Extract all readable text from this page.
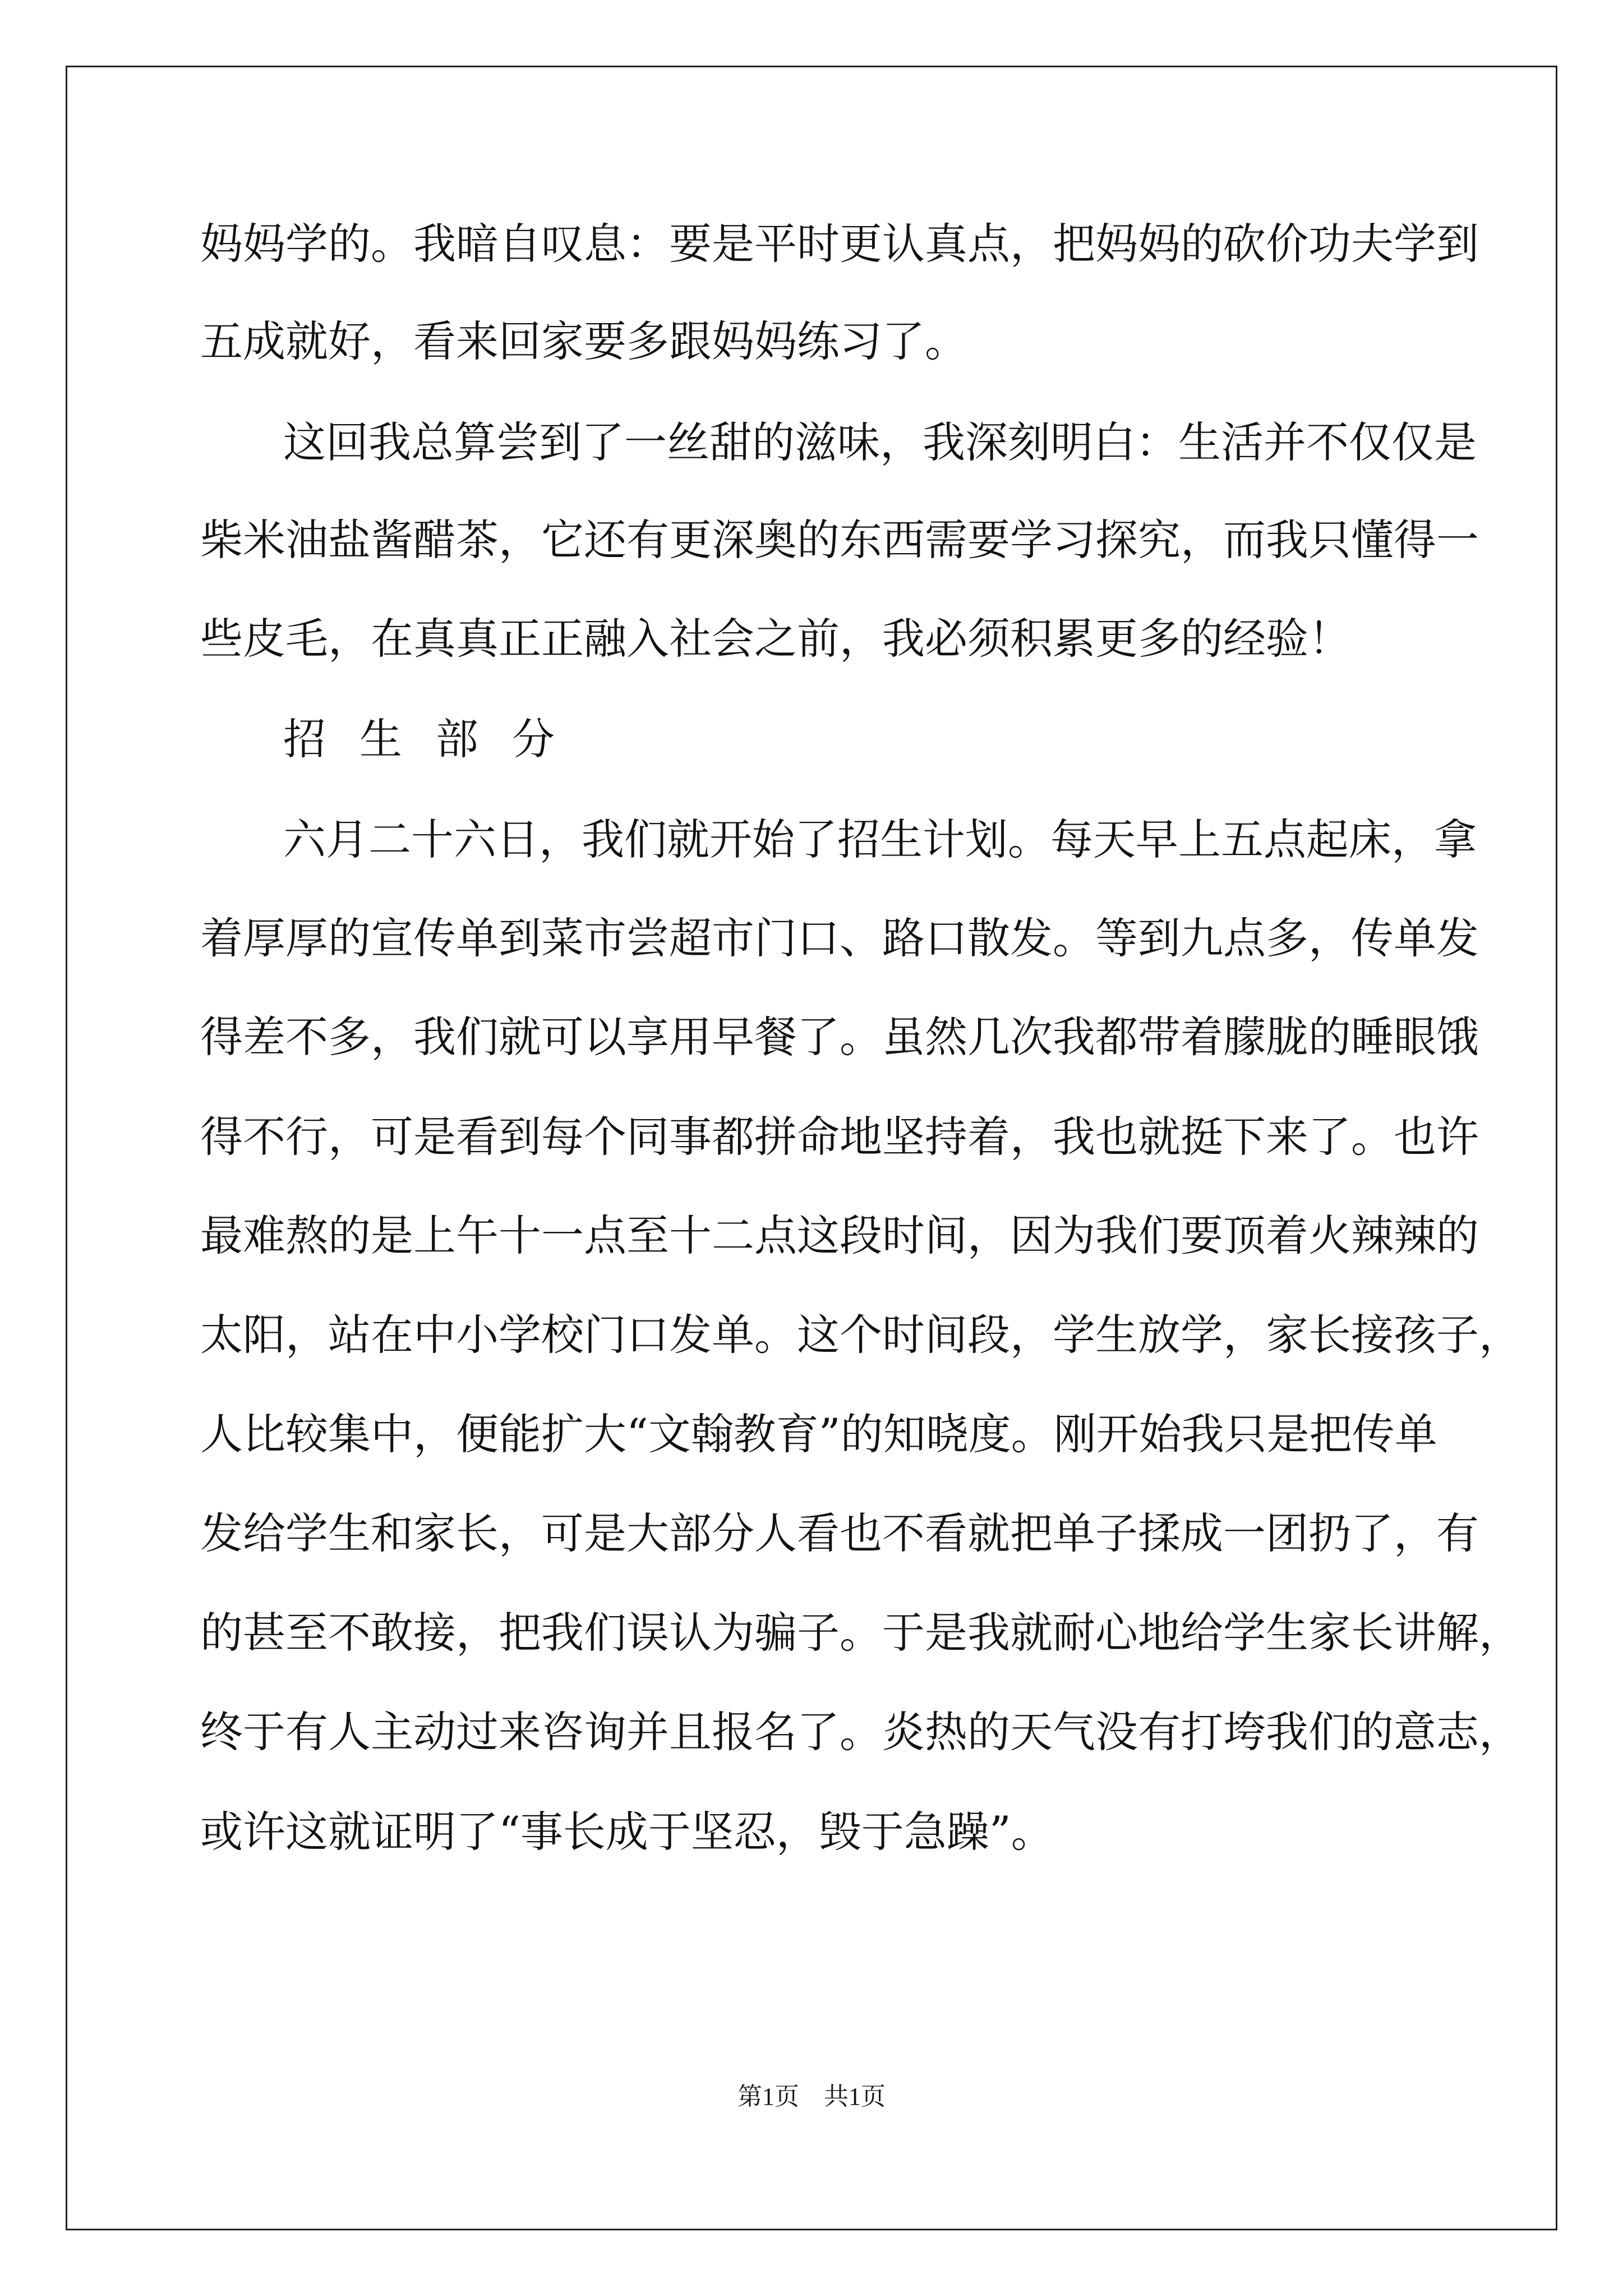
妈妈学的。我暗自叹息：要是平时更认真点，把妈妈的砍价功夫学到
五成就好，看来回家要多跟妈妈练习了。
这回我总算尝到了一丝甜的滋味，我深刻明白：生活并不仅仅是
柴米油盐酱醋茶，它还有更深奥的东西需要学习探究，而我只懂得一
些皮毛，在真真正正融入社会之前，我必须积累更多的经验！
招生部分
六月二十六日，我们就开始了招生计划。每天早上五点起床，拿
着厚厚的宣传单到菜市尝超市门口、路口散发。等到九点多，传单发
得差不多，我们就可以享用早餐了。虽然几次我都带着朦胧的睡眼饿
得不行，可是看到每个同事都拼命地坚持着，我也就挺下来了。也许
最难熬的是上午十一点至十二点这段时间，因为我们要顶着火辣辣的
太阳，站在中小学校门口发单。这个时间段，学生放学，家长接孩子，
人比较集中，便能扩大“文翰教育”的知晓度。刚开始我只是把传单
发给学生和家长，可是大部分人看也不看就把单子揉成一团扔了，有
的甚至不敢接，把我们误认为骗子。于是我就耐心地给学生家长讲解，
终于有人主动过来咨询并且报名了。炎热的天气没有打垮我们的意志，
或许这就证明了“事长成于坚忍，毁于急躁”。
第1页　共1页
